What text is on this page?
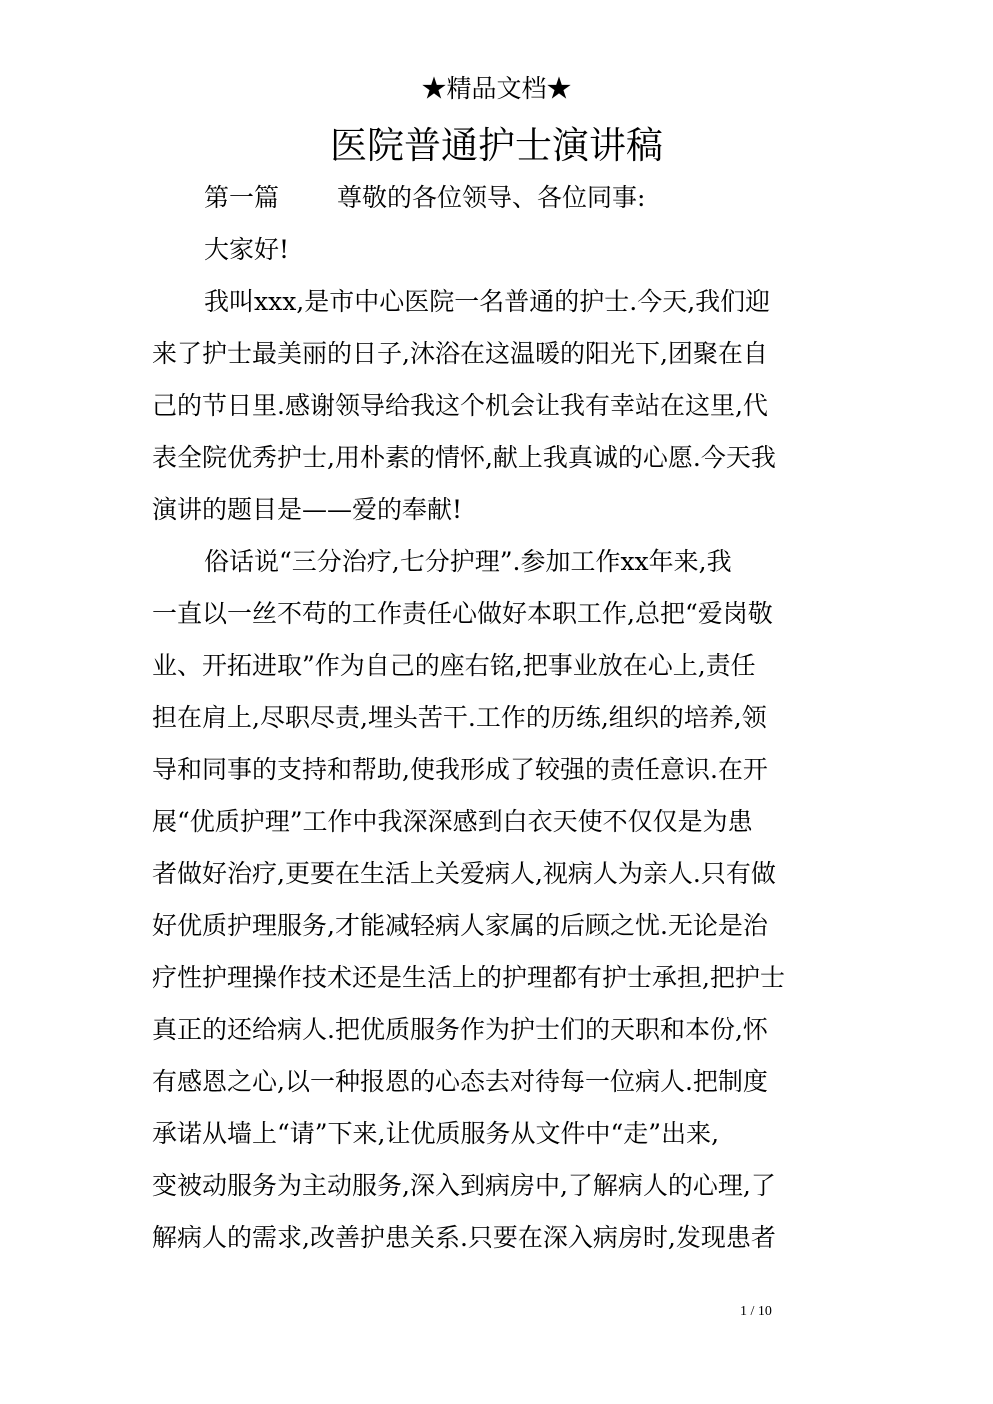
★精品文档★
医院普通护士演讲稿
第一篇 尊敬的各位领导、各位同事:
大家好!
我叫xxx,是市中心医院一名普通的护士.今天,我们迎
来了护士最美丽的日子,沐浴在这温暖的阳光下,团聚在自
己的节日里.感谢领导给我这个机会让我有幸站在这里,代
表全院优秀护士,用朴素的情怀,献上我真诚的心愿.今天我
演讲的题目是——爱的奉献!
俗话说“三分治疗,七分护理”.参加工作xx年来,我
一直以一丝不苟的工作责任心做好本职工作,总把“爱岗敬
业、开拓进取”作为自己的座右铭,把事业放在心上,责任
担在肩上,尽职尽责,埋头苦干.工作的历练,组织的培养,领
导和同事的支持和帮助,使我形成了较强的责任意识.在开
展“优质护理”工作中我深深感到白衣天使不仅仅是为患
者做好治疗,更要在生活上关爱病人,视病人为亲人.只有做
好优质护理服务,才能减轻病人家属的后顾之忧.无论是治
疗性护理操作技术还是生活上的护理都有护士承担,把护士
真正的还给病人.把优质服务作为护士们的天职和本份,怀
有感恩之心,以一种报恩的心态去对待每一位病人.把制度
承诺从墙上“请”下来,让优质服务从文件中“走”出来,
变被动服务为主动服务,深入到病房中,了解病人的心理,了
解病人的需求,改善护患关系.只要在深入病房时,发现患者
1 / 10
